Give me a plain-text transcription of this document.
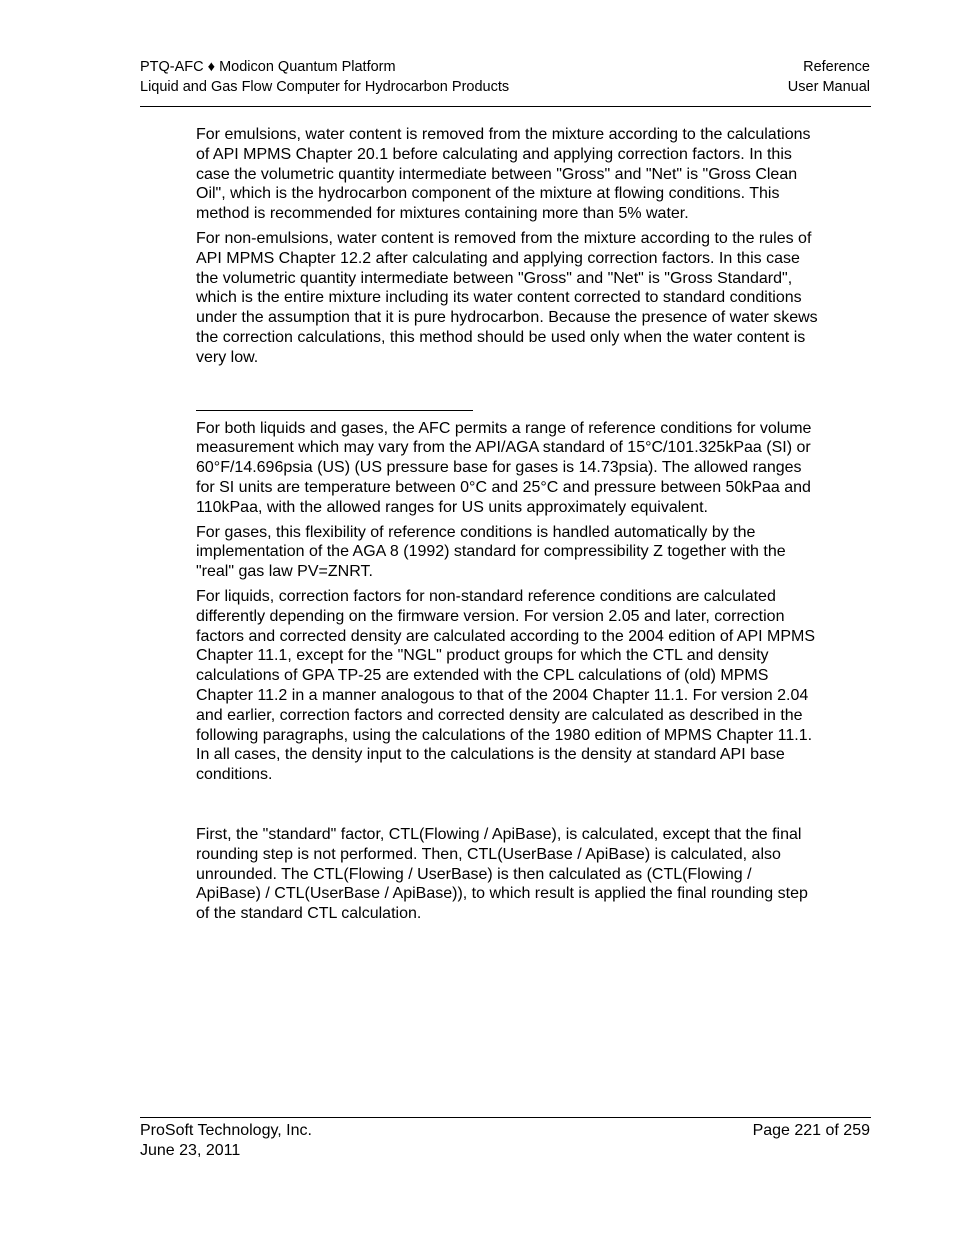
PTQ-AFC ♦ Modicon Quantum Platform
Liquid and Gas Flow Computer for Hydrocarbon Products
Reference
User Manual

For emulsions, water content is removed from the mixture according to the calculations of API MPMS Chapter 20.1 before calculating and applying correction factors. In this case the volumetric quantity intermediate between "Gross" and "Net" is "Gross Clean Oil", which is the hydrocarbon component of the mixture at flowing conditions. This method is recommended for mixtures containing more than 5% water.

For non-emulsions, water content is removed from the mixture according to the rules of API MPMS Chapter 12.2 after calculating and applying correction factors. In this case the volumetric quantity intermediate between "Gross" and "Net" is "Gross Standard", which is the entire mixture including its water content corrected to standard conditions under the assumption that it is pure hydrocarbon. Because the presence of water skews the correction calculations, this method should be used only when the water content is very low.

For both liquids and gases, the AFC permits a range of reference conditions for volume measurement which may vary from the API/AGA standard of 15°C/101.325kPaa (SI) or 60°F/14.696psia (US) (US pressure base for gases is 14.73psia). The allowed ranges for SI units are temperature between 0°C and 25°C and pressure between 50kPaa and 110kPaa, with the allowed ranges for US units approximately equivalent.

For gases, this flexibility of reference conditions is handled automatically by the implementation of the AGA 8 (1992) standard for compressibility Z together with the "real" gas law PV=ZNRT.

For liquids, correction factors for non-standard reference conditions are calculated differently depending on the firmware version. For version 2.05 and later, correction factors and corrected density are calculated according to the 2004 edition of API MPMS Chapter 11.1, except for the "NGL" product groups for which the CTL and density calculations of GPA TP-25 are extended with the CPL calculations of (old) MPMS Chapter 11.2 in a manner analogous to that of the 2004 Chapter 11.1. For version 2.04 and earlier, correction factors and corrected density are calculated as described in the following paragraphs, using the calculations of the 1980 edition of MPMS Chapter 11.1. In all cases, the density input to the calculations is the density at standard API base conditions.

First, the "standard" factor, CTL(Flowing / ApiBase), is calculated, except that the final rounding step is not performed. Then, CTL(UserBase / ApiBase) is calculated, also unrounded. The CTL(Flowing / UserBase) is then calculated as (CTL(Flowing / ApiBase) / CTL(UserBase / ApiBase)), to which result is applied the final rounding step of the standard CTL calculation.

ProSoft Technology, Inc.
June 23, 2011
Page 221 of 259
